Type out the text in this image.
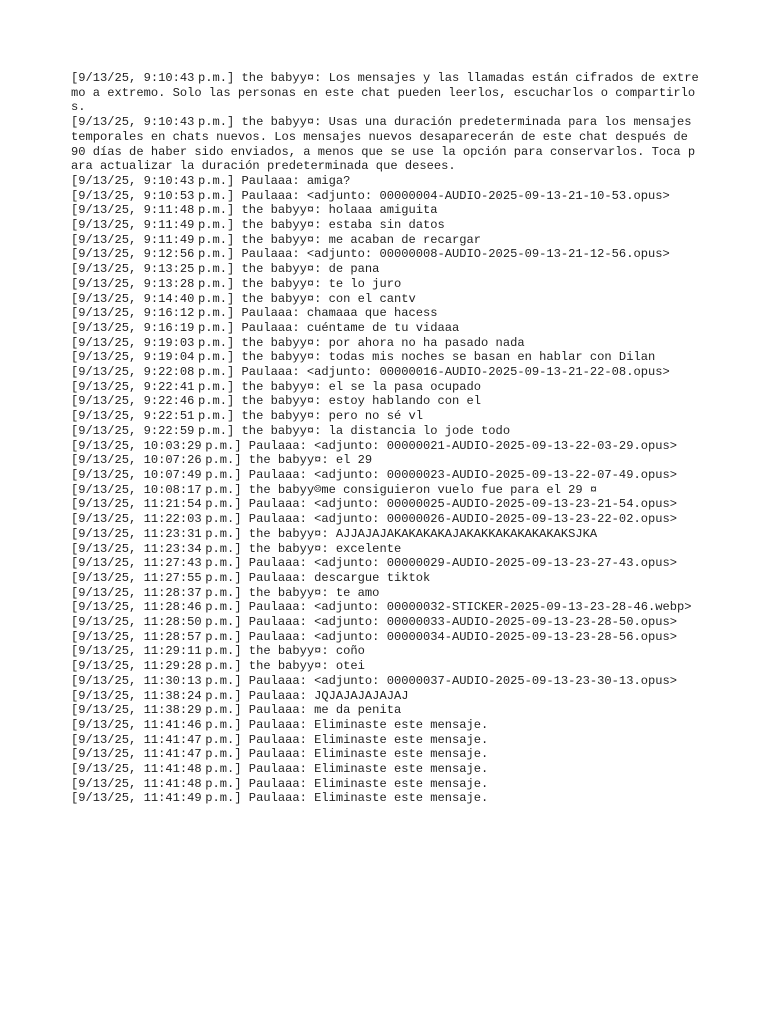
[9/13/25, 9:10:43 p.m.] the babyy¤: Los mensajes y las llamadas están cifrados de extremo a extremo. Solo las personas en este chat pueden leerlos, escucharlos o compartirlos.

[9/13/25, 9:10:43 p.m.] the babyy¤: Usas una duración predeterminada para los mensajes temporales en chats nuevos. Los mensajes nuevos desaparecerán de este chat después de 90 días de haber sido enviados, a menos que se use la opción para conservarlos. Toca para actualizar la duración predeterminada que desees.

[9/13/25, 9:10:43 p.m.] Paulaaa: amiga?

[9/13/25, 9:10:53 p.m.] Paulaaa: <adjunto: 00000004-AUDIO-2025-09-13-21-10-53.opus>

[9/13/25, 9:11:48 p.m.] the babyy¤: holaaa amiguita

[9/13/25, 9:11:49 p.m.] the babyy¤: estaba sin datos

[9/13/25, 9:11:49 p.m.] the babyy¤: me acaban de recargar

[9/13/25, 9:12:56 p.m.] Paulaaa: <adjunto: 00000008-AUDIO-2025-09-13-21-12-56.opus>

[9/13/25, 9:13:25 p.m.] the babyy¤: de pana

[9/13/25, 9:13:28 p.m.] the babyy¤: te lo juro

[9/13/25, 9:14:40 p.m.] the babyy¤: con el cantv

[9/13/25, 9:16:12 p.m.] Paulaaa: chamaaa que hacess

[9/13/25, 9:16:19 p.m.] Paulaaa: cuéntame de tu vidaaa

[9/13/25, 9:19:03 p.m.] the babyy¤: por ahora no ha pasado nada

[9/13/25, 9:19:04 p.m.] the babyy¤: todas mis noches se basan en hablar con Dilan

[9/13/25, 9:22:08 p.m.] Paulaaa: <adjunto: 00000016-AUDIO-2025-09-13-21-22-08.opus>

[9/13/25, 9:22:41 p.m.] the babyy¤: el se la pasa ocupado

[9/13/25, 9:22:46 p.m.] the babyy¤: estoy hablando con el

[9/13/25, 9:22:51 p.m.] the babyy¤: pero no sé vl

[9/13/25, 9:22:59 p.m.] the babyy¤: la distancia lo jode todo

[9/13/25, 10:03:29 p.m.] Paulaaa: <adjunto: 00000021-AUDIO-2025-09-13-22-03-29.opus>

[9/13/25, 10:07:26 p.m.] the babyy¤: el 29

[9/13/25, 10:07:49 p.m.] Paulaaa: <adjunto: 00000023-AUDIO-2025-09-13-22-07-49.opus>

[9/13/25, 10:08:17 p.m.] the babyy☹me consiguieron vuelo fue para el 29 ¤

[9/13/25, 11:21:54 p.m.] Paulaaa: <adjunto: 00000025-AUDIO-2025-09-13-23-21-54.opus>

[9/13/25, 11:22:03 p.m.] Paulaaa: <adjunto: 00000026-AUDIO-2025-09-13-23-22-02.opus>

[9/13/25, 11:23:31 p.m.] the babyy¤: AJJAJAJAKAKAKAKAJAKAKKAKAKAKAKAKSJKA

[9/13/25, 11:23:34 p.m.] the babyy¤: excelente

[9/13/25, 11:27:43 p.m.] Paulaaa: <adjunto: 00000029-AUDIO-2025-09-13-23-27-43.opus>

[9/13/25, 11:27:55 p.m.] Paulaaa: descargue tiktok

[9/13/25, 11:28:37 p.m.] the babyy¤: te amo

[9/13/25, 11:28:46 p.m.] Paulaaa: <adjunto: 00000032-STICKER-2025-09-13-23-28-46.webp>

[9/13/25, 11:28:50 p.m.] Paulaaa: <adjunto: 00000033-AUDIO-2025-09-13-23-28-50.opus>

[9/13/25, 11:28:57 p.m.] Paulaaa: <adjunto: 00000034-AUDIO-2025-09-13-23-28-56.opus>

[9/13/25, 11:29:11 p.m.] the babyy¤: coño

[9/13/25, 11:29:28 p.m.] the babyy¤: otei

[9/13/25, 11:30:13 p.m.] Paulaaa: <adjunto: 00000037-AUDIO-2025-09-13-23-30-13.opus>

[9/13/25, 11:38:24 p.m.] Paulaaa: JQJAJAJAJAJAJ

[9/13/25, 11:38:29 p.m.] Paulaaa: me da penita

[9/13/25, 11:41:46 p.m.] Paulaaa: Eliminaste este mensaje.

[9/13/25, 11:41:47 p.m.] Paulaaa: Eliminaste este mensaje.

[9/13/25, 11:41:47 p.m.] Paulaaa: Eliminaste este mensaje.

[9/13/25, 11:41:48 p.m.] Paulaaa: Eliminaste este mensaje.

[9/13/25, 11:41:48 p.m.] Paulaaa: Eliminaste este mensaje.

[9/13/25, 11:41:49 p.m.] Paulaaa: Eliminaste este mensaje.
